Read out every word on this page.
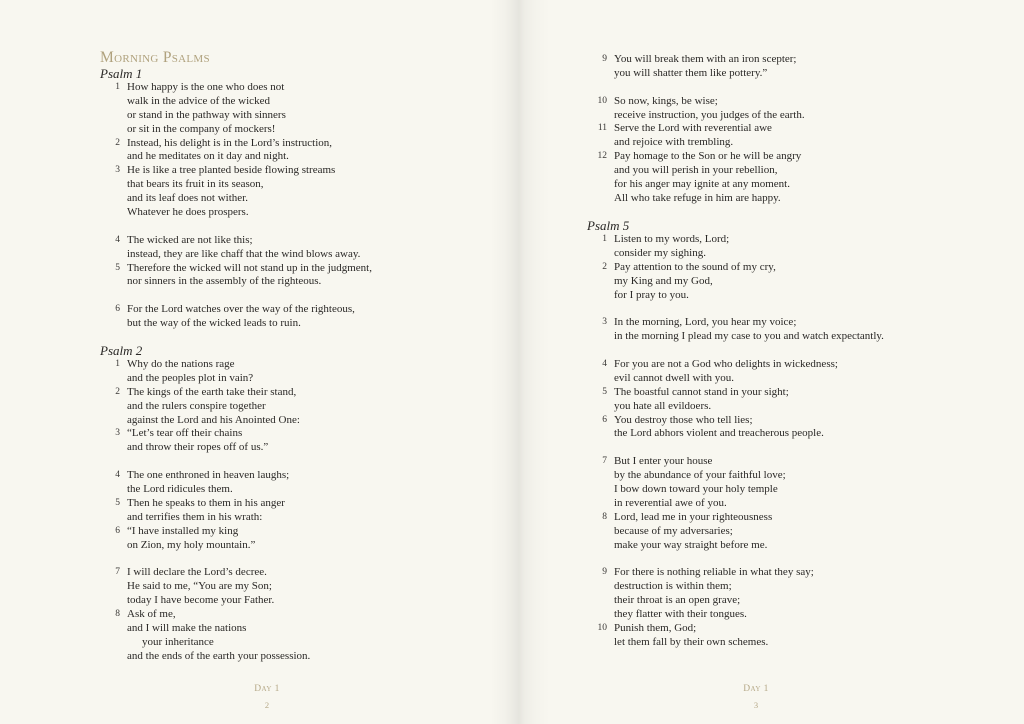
Morning Psalms
Psalm 1
1 How happy is the one who does not
walk in the advice of the wicked
or stand in the pathway with sinners
or sit in the company of mockers!
2 Instead, his delight is in the Lord’s instruction,
and he meditates on it day and night.
3 He is like a tree planted beside flowing streams
that bears its fruit in its season,
and its leaf does not wither.
Whatever he does prospers.
4 The wicked are not like this;
instead, they are like chaff that the wind blows away.
5 Therefore the wicked will not stand up in the judgment,
nor sinners in the assembly of the righteous.
6 For the Lord watches over the way of the righteous,
but the way of the wicked leads to ruin.
Psalm 2
1 Why do the nations rage
and the peoples plot in vain?
2 The kings of the earth take their stand,
and the rulers conspire together
against the Lord and his Anointed One:
3 “Let’s tear off their chains
and throw their ropes off of us.”
4 The one enthroned in heaven laughs;
the Lord ridicules them.
5 Then he speaks to them in his anger
and terrifies them in his wrath:
6 “I have installed my king
on Zion, my holy mountain.”
7 I will declare the Lord’s decree.
He said to me, “You are my Son;
today I have become your Father.
8 Ask of me,
and I will make the nations
your inheritance
and the ends of the earth your possession.
Day 1
2
9 You will break them with an iron scepter;
you will shatter them like pottery.”
10 So now, kings, be wise;
receive instruction, you judges of the earth.
11 Serve the Lord with reverential awe
and rejoice with trembling.
12 Pay homage to the Son or he will be angry
and you will perish in your rebellion,
for his anger may ignite at any moment.
All who take refuge in him are happy.
Psalm 5
1 Listen to my words, Lord;
consider my sighing.
2 Pay attention to the sound of my cry,
my King and my God,
for I pray to you.
3 In the morning, Lord, you hear my voice;
in the morning I plead my case to you and watch expectantly.
4 For you are not a God who delights in wickedness;
evil cannot dwell with you.
5 The boastful cannot stand in your sight;
you hate all evildoers.
6 You destroy those who tell lies;
the Lord abhors violent and treacherous people.
7 But I enter your house
by the abundance of your faithful love;
I bow down toward your holy temple
in reverential awe of you.
8 Lord, lead me in your righteousness
because of my adversaries;
make your way straight before me.
9 For there is nothing reliable in what they say;
destruction is within them;
their throat is an open grave;
they flatter with their tongues.
10 Punish them, God;
let them fall by their own schemes.
Day 1
3
